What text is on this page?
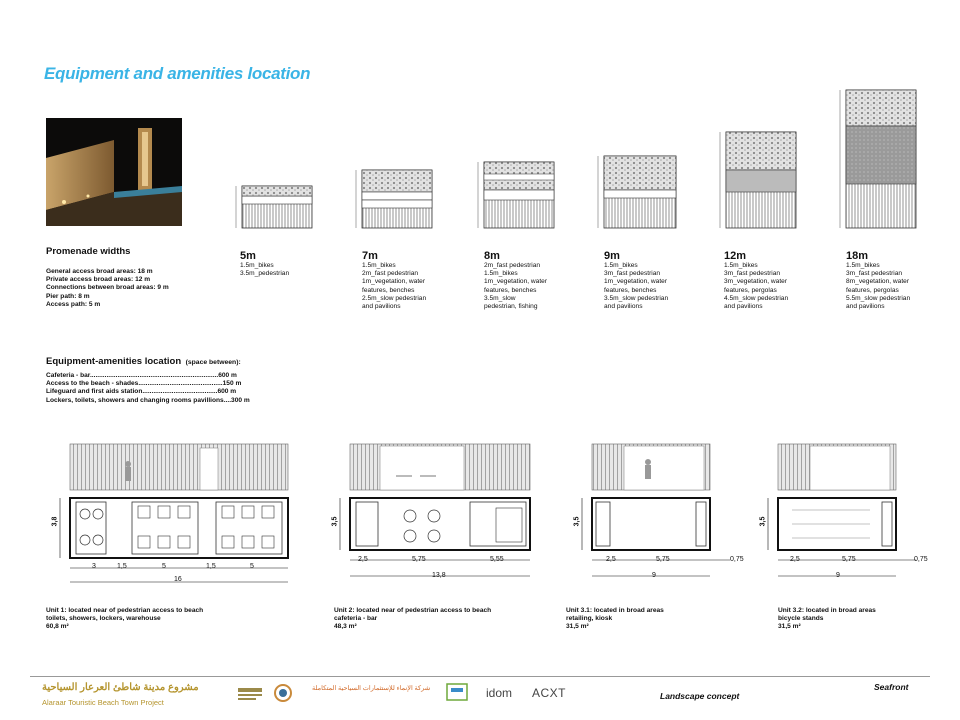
Equipment and amenities location
Promenade widths
General access broad areas: 18 m
Private access broad areas: 12 m
Connections between broad areas: 9 m
Pier path: 8 m
Access path: 5 m
5m
1.5m_bikes
3.5m_pedestrian
7m
1.5m_bikes
2m_fast pedestrian
1m_vegetation, water
features, benches
2.5m_slow pedestrian
and pavilions
8m
2m_fast pedestrian
1.5m_bikes
1m_vegetation, water
features, benches
3.5m_slow
pedestrian, fishing
9m
1.5m_bikes
3m_fast pedestrian
1m_vegetation, water
features, benches
3.5m_slow pedestrian
and pavilions
12m
1.5m_bikes
3m_fast pedestrian
3m_vegetation, water
features, pergolas
4.5m_slow pedestrian
and pavilions
18m
1.5m_bikes
3m_fast pedestrian
8m_vegetation, water
features, pergolas
5.5m_slow pedestrian
and pavilions
Equipment-amenities location (space between):
Cafeteria - bar......................................................................600 m
Access to the beach - shades..............................................150 m
Lifeguard and first aids station.........................................600 m
Lockers, toilets, showers and changing rooms pavillions....300 m
3,8
3	1,5	5	1,5	5
16
3,5
2,5	5,75	5,55
13,8
3,5
2,5	5,75	0,75
9
3,5
2,5	5,75	0,75
9
Unit 1: located near of pedestrian access to beach
toilets, showers, lockers, warehouse
60,8 m²
Unit 2: located near of pedestrian access to beach
cafeteria - bar
48,3 m²
Unit 3.1: located in broad areas
retailing, kiosk
31,5 m²
Unit 3.2: located in broad areas
bicycle stands
31,5 m²
مشروع مدينة شاطئ العرعار السياحية
Alaraar Touristic Beach Town Project
شركة الإنماء للإستثمارات السياحية المتكاملة	idom ACXT	Landscape concept
Seafront
